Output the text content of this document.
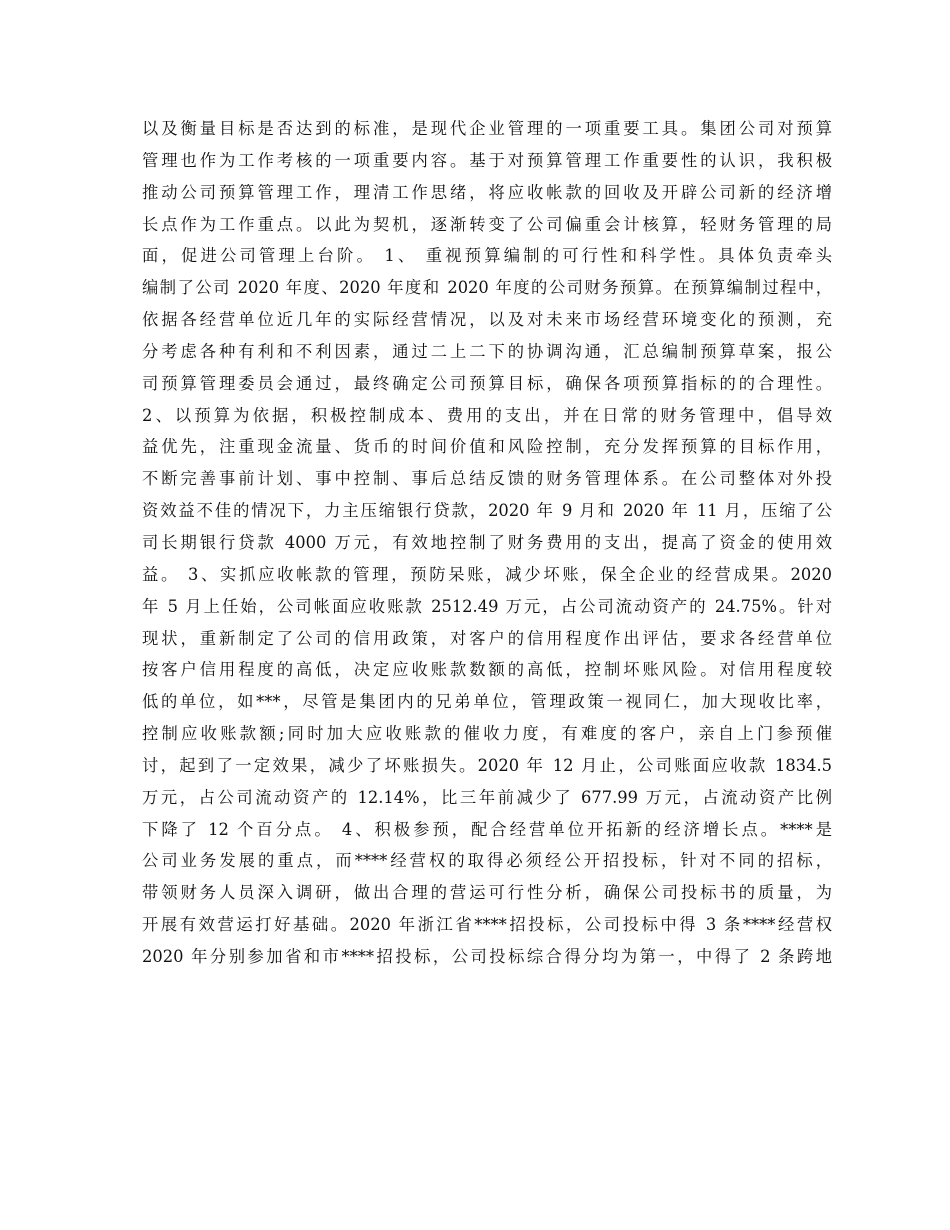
以及衡量目标是否达到的标准，是现代企业管理的一项重要工具。集团公司对预算
管理也作为工作考核的一项重要内容。基于对预算管理工作重要性的认识，我积极
推动公司预算管理工作，理清工作思绪，将应收帐款的回收及开辟公司新的经济增
长点作为工作重点。以此为契机，逐渐转变了公司偏重会计核算，轻财务管理的局
面，促进公司管理上台阶。 1、 重视预算编制的可行性和科学性。具体负责牵头
编制了公司 2020 年度、2020 年度和 2020 年度的公司财务预算。在预算编制过程中，
依据各经营单位近几年的实际经营情况，以及对未来市场经营环境变化的预测，充
分考虑各种有利和不利因素，通过二上二下的协调沟通，汇总编制预算草案，报公
司预算管理委员会通过，最终确定公司预算目标，确保各项预算指标的的合理性。
2、以预算为依据，积极控制成本、费用的支出，并在日常的财务管理中，倡导效
益优先，注重现金流量、货币的时间价值和风险控制，充分发挥预算的目标作用，
不断完善事前计划、事中控制、事后总结反馈的财务管理体系。在公司整体对外投
资效益不佳的情况下，力主压缩银行贷款，2020 年 9 月和 2020 年 11 月，压缩了公
司长期银行贷款 4000 万元，有效地控制了财务费用的支出，提高了资金的使用效
益。 3、实抓应收帐款的管理，预防呆账，减少坏账，保全企业的经营成果。2020
年 5 月上任始，公司帐面应收账款 2512.49 万元，占公司流动资产的 24.75%。针对
现状，重新制定了公司的信用政策，对客户的信用程度作出评估，要求各经营单位
按客户信用程度的高低，决定应收账款数额的高低，控制坏账风险。对信用程度较
低的单位，如***，尽管是集团内的兄弟单位，管理政策一视同仁，加大现收比率，
控制应收账款额;同时加大应收账款的催收力度，有难度的客户，亲自上门参预催
讨，起到了一定效果，减少了坏账损失。2020 年 12 月止，公司账面应收款 1834.5
万元，占公司流动资产的 12.14%，比三年前减少了 677.99 万元，占流动资产比例
下降了 12 个百分点。 4、积极参预，配合经营单位开拓新的经济增长点。****是
公司业务发展的重点，而****经营权的取得必须经公开招投标，针对不同的招标，
带领财务人员深入调研，做出合理的营运可行性分析，确保公司投标书的质量，为
开展有效营运打好基础。2020 年浙江省****招投标，公司投标中得 3 条****经营权
2020 年分别参加省和市****招投标，公司投标综合得分均为第一，中得了 2 条跨地
